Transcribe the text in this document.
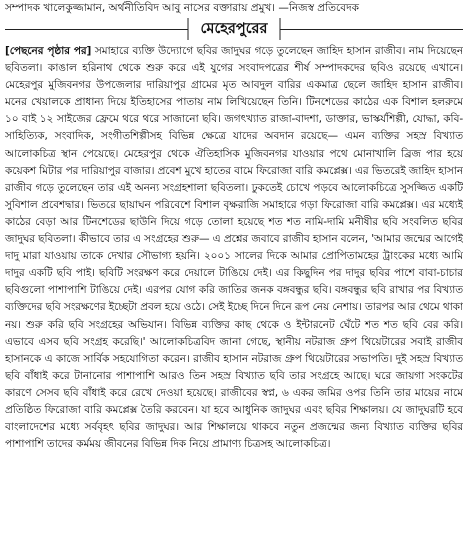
সম্পাদক খালেকুজ্জামান, অর্থনীতিবিদ আবু নাসের বক্তারায় প্রমুখ। —নিজস্ব প্রতিবেদক
মেহেরপুরের

[পেছনের পৃষ্ঠার পর] সমাহারে ব্যক্তি উদ্যোগে ছবির জাদুঘর গড়ে তুলেছেন জাহিদ হাসান রাজীব। নাম দিয়েছেন ছবিতলা। কাঙাল হরিনাথ থেকে শুরু করে এই যুগের সংবাদপত্রের শীর্ষ সম্পাদকদের ছবিও রয়েছে এখানে। মেহেরপুর মুজিবনগর উপজেলার দারিয়াপুর গ্রামের মৃত আবদুল বারির একমাত্র ছেলে জাহিদ হাসান রাজীব। মনের খেয়ালকে প্রাধান্য দিয়ে ইতিহাসের পাতায় নাম লিখিয়েছেন তিনি। টিনশেডের কাঠের এক বিশাল হলরুমে ১০ বাই ১২ সাইজের ফ্রেমে থরে থরে সাজানো ছবি। জগৎখ্যাত রাজা-বাদশা, ডাক্তার, ভাস্কর্যশিল্পী, যোদ্ধা, কবি-সাহিত্যিক, সংবাদিক, সংগীতশিল্পীসহ বিভিন্ন ক্ষেত্রে যাদের অবদান রয়েছে— এমন ব্যক্তির সহস্র বিখ্যাত আলোকচিত্র স্থান পেয়েছে। মেহেরপুর থেকে ঐতিহাসিক মুজিবনগর যাওয়ার পথে মোনাখালি ব্রিজ পার হয়ে কয়েকশ মিটার পর দারিয়াপুর বাজার। প্রবেশ মুখে হাতের বামে ফিরোজা বারি কমপ্লেক্স। এর ভিতরেই জাহিদ হাসান রাজীব গড়ে তুলেছেন তার এই অনন্য সংগ্রহশালা ছবিতলা। ঢুকতেই চোখে পড়বে আলোকচিত্রে সুসজ্জিত একটি সুবিশাল প্রবেশদ্বার। ভিতরে ছায়াঘন পরিবেশে বিশাল বৃক্ষরাজি সমাহারে গড়া ফিরোজা বারি কমপ্লেক্স। এর মধ্যেই কাঠের বেড়া আর টিনশেডের ছাউনি দিয়ে গড়ে তোলা হয়েছে শত শত নামি-দামি মনীষীর ছবি সংবলিত ছবির জাদুঘর ছবিতলা। কীভাবে তার এ সংগ্রহের শুরু— এ প্রশ্নের জবাবে রাজীব হাসান বলেন, 'আমার জন্মের আগেই দাদু মারা যাওয়ায় তাকে দেখার সৌভাগ্য হয়নি। ২০০১ সালের দিকে আমার প্রোপিতামহের ট্রাংকের মধ্যে আমি দাদুর একটি ছবি পাই। ছবিটি সংরক্ষণ করে দেয়ালে টাঙিয়ে দেই। এর কিছুদিন পর দাদুর ছবির পাশে বাবা-চাচার ছবিগুলো পাশাপাশি টাঙিয়ে দেই। এরপর যোগ করি জাতির জনক বঙ্গবন্ধুর ছবি। বঙ্গবন্ধুর ছবি রাখার পর বিখ্যাত ব্যক্তিদের ছবি সংরক্ষণের ইচ্ছেটা প্রবল হয়ে ওঠে। সেই ইচ্ছে দিনে দিনে রূপ নেয় নেশায়। তারপর আর থেমে থাকা নয়। শুরু করি ছবি সংগ্রহের অভিযান। বিভিন্ন ব্যক্তির কাছ থেকে ও ইন্টারনেট ঘেঁটে শত শত ছবি বের করি। এভাবে এসব ছবি সংগ্রহ করেছি।' আলোকচিত্রবিদ জানা গেছে, স্থানীয় নটরাজ গ্রুপ থিয়েটারের সবাই রাজীব হাসানকে এ কাজে সার্বিক সহযোগিতা করেন। রাজীব হাসান নটরাজ গ্রুপ থিয়েটারের সভাপতি। দুই সহস্র বিখ্যাত ছবি বাঁধাই করে টানানোর পাশাপাশি আরও তিন সহস্র বিখ্যাত ছবি তার সংগ্রহে আছে। ঘরে জায়গা সংকটের কারণে সেসব ছবি বাঁধাই করে রেখে দেওয়া হয়েছে। রাজীবের স্বপ্ন, ৬ একর জমির ওপর তিনি তার মায়ের নামে প্রতিষ্ঠিত ফিরোজা বারি কমপ্লেক্স তৈরি করবেন। যা হবে আধুনিক জাদুঘর এবং ছবির শিক্ষালয়। যে জাদুঘরটি হবে বাংলাদেশের মধ্যে সর্ববৃহৎ ছবির জাদুঘর। আর শিক্ষালয়ে থাকবে নতুন প্রজন্মের জন্য বিখ্যাত ব্যক্তির ছবির পাশাপাশি তাদের কর্মময় জীবনের বিভিন্ন দিক নিয়ে প্রামাণ্য চিত্রসহ আলোকচিত্র।
